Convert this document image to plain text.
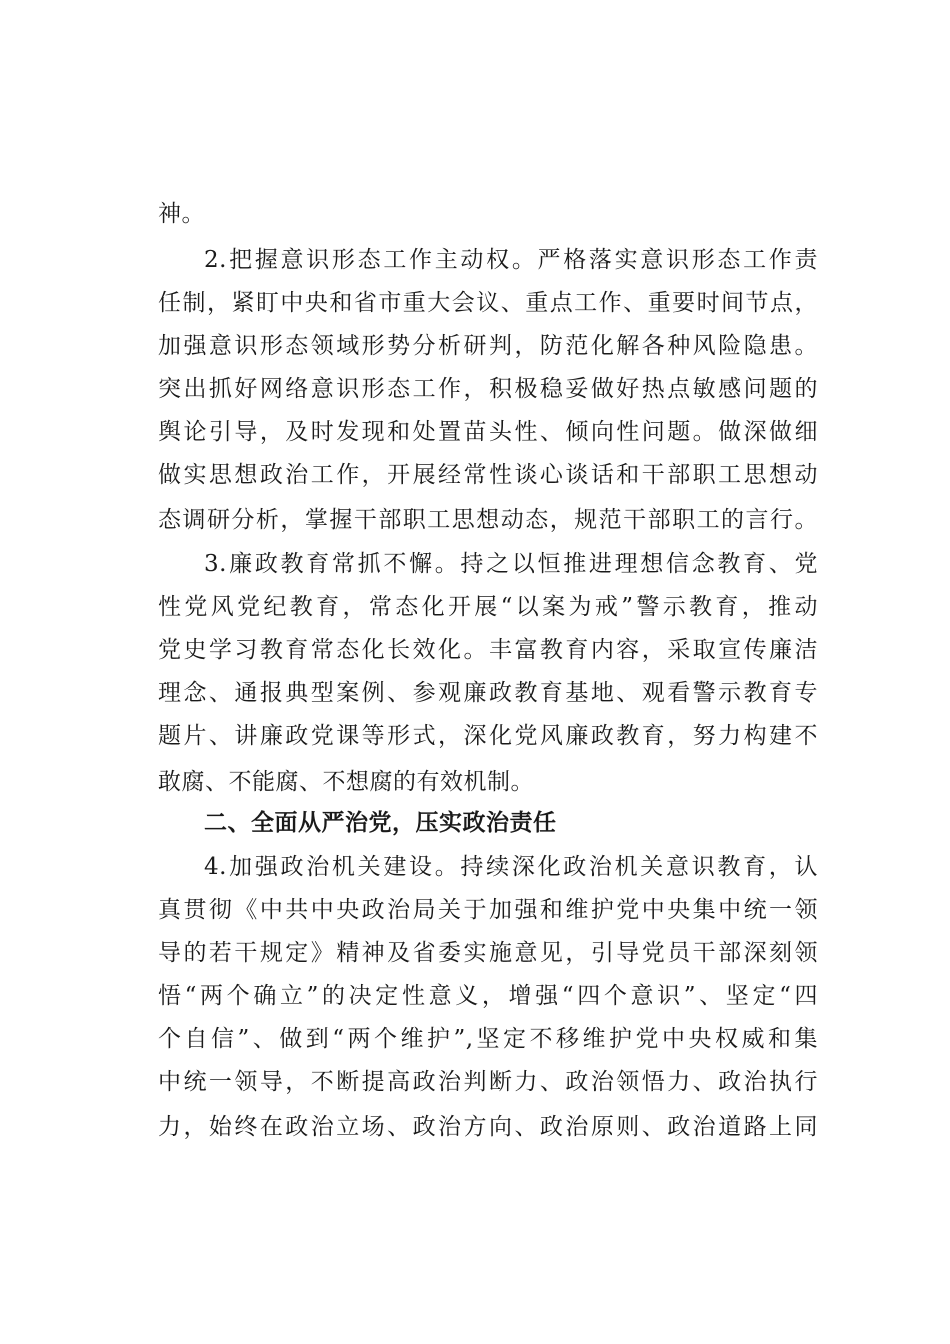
神。
2.把握意识形态工作主动权。严格落实意识形态工作责
任制，紧盯中央和省市重大会议、重点工作、重要时间节点，
加强意识形态领域形势分析研判，防范化解各种风险隐患。
突出抓好网络意识形态工作，积极稳妥做好热点敏感问题的
舆论引导，及时发现和处置苗头性、倾向性问题。做深做细
做实思想政治工作，开展经常性谈心谈话和干部职工思想动
态调研分析，掌握干部职工思想动态，规范干部职工的言行。
3.廉政教育常抓不懈。持之以恒推进理想信念教育、党
性党风党纪教育，常态化开展“以案为戒”警示教育，推动
党史学习教育常态化长效化。丰富教育内容，采取宣传廉洁
理念、通报典型案例、参观廉政教育基地、观看警示教育专
题片、讲廉政党课等形式，深化党风廉政教育，努力构建不
敢腐、不能腐、不想腐的有效机制。
二、全面从严治党，压实政治责任
4.加强政治机关建设。持续深化政治机关意识教育，认
真贯彻《中共中央政治局关于加强和维护党中央集中统一领
导的若干规定》精神及省委实施意见，引导党员干部深刻领
悟“两个确立”的决定性意义，增强“四个意识”、坚定“四
个自信”、做到“两个维护”,坚定不移维护党中央权威和集
中统一领导，不断提高政治判断力、政治领悟力、政治执行
力，始终在政治立场、政治方向、政治原则、政治道路上同
